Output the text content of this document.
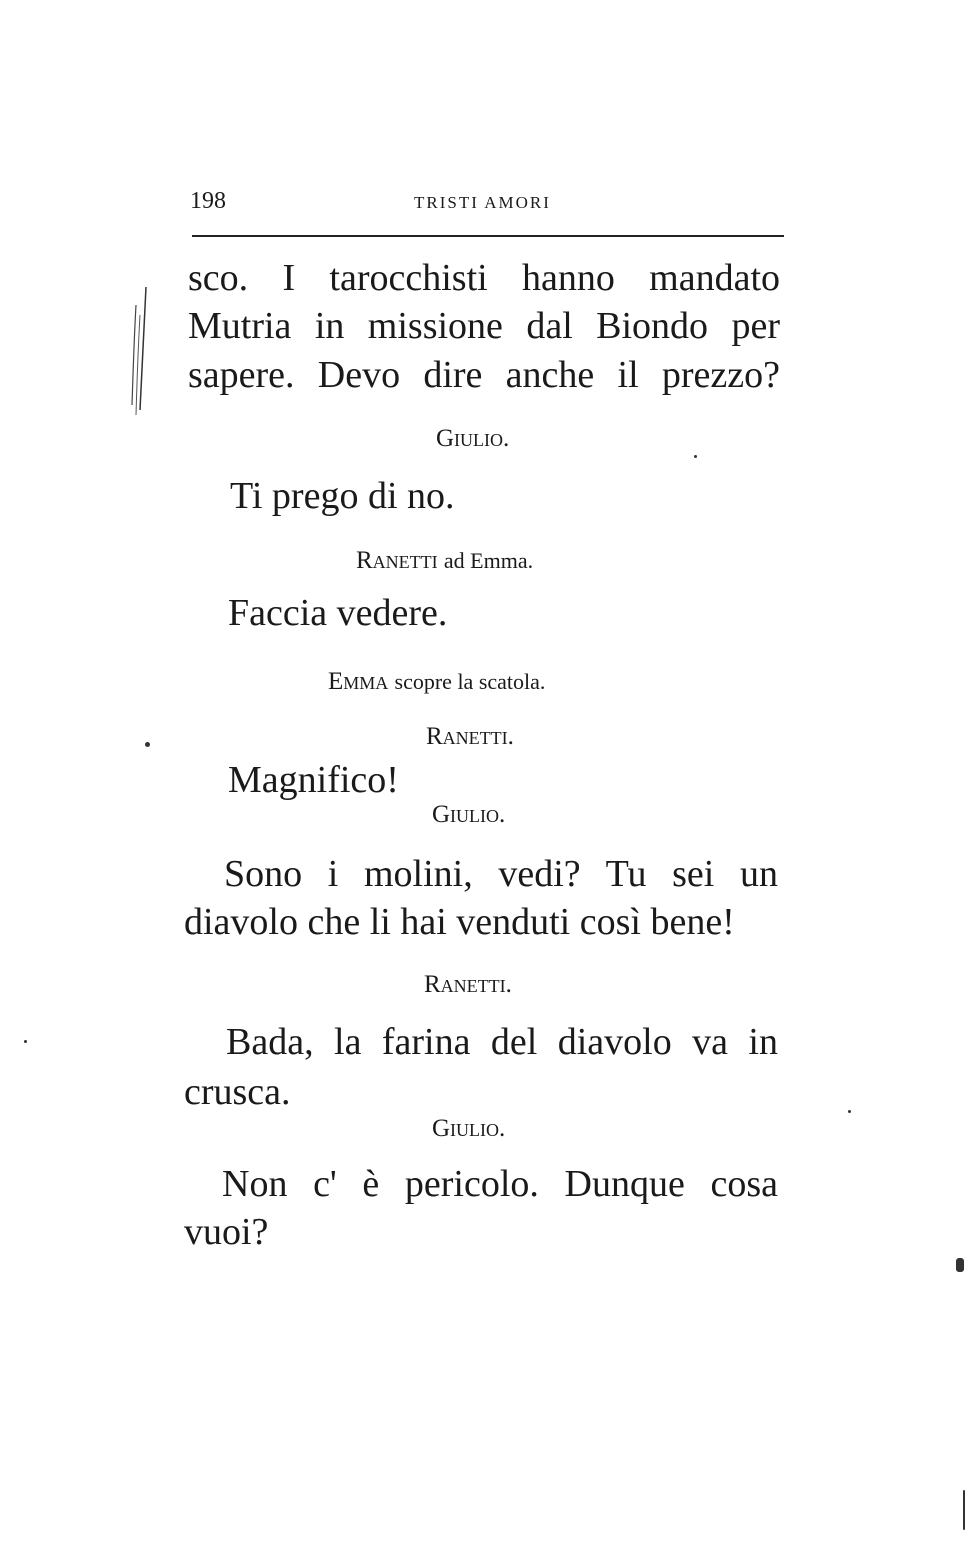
198	TRISTI AMORI
sco. I tarocchisti hanno mandato
Mutria in missione dal Biondo per
sapere. Devo dire anche il prezzo?
Giulio.
Ti prego di no.
Ranetti ad Emma.
Faccia vedere.
Emma scopre la scatola.
Ranetti.
Magnifico!
Giulio.
Sono i molini, vedi? Tu sei un
diavolo che li hai venduti così bene!
Ranetti.
Bada, la farina del diavolo va in
crusca.
Giulio.
Non c' è pericolo. Dunque cosa
vuoi?
